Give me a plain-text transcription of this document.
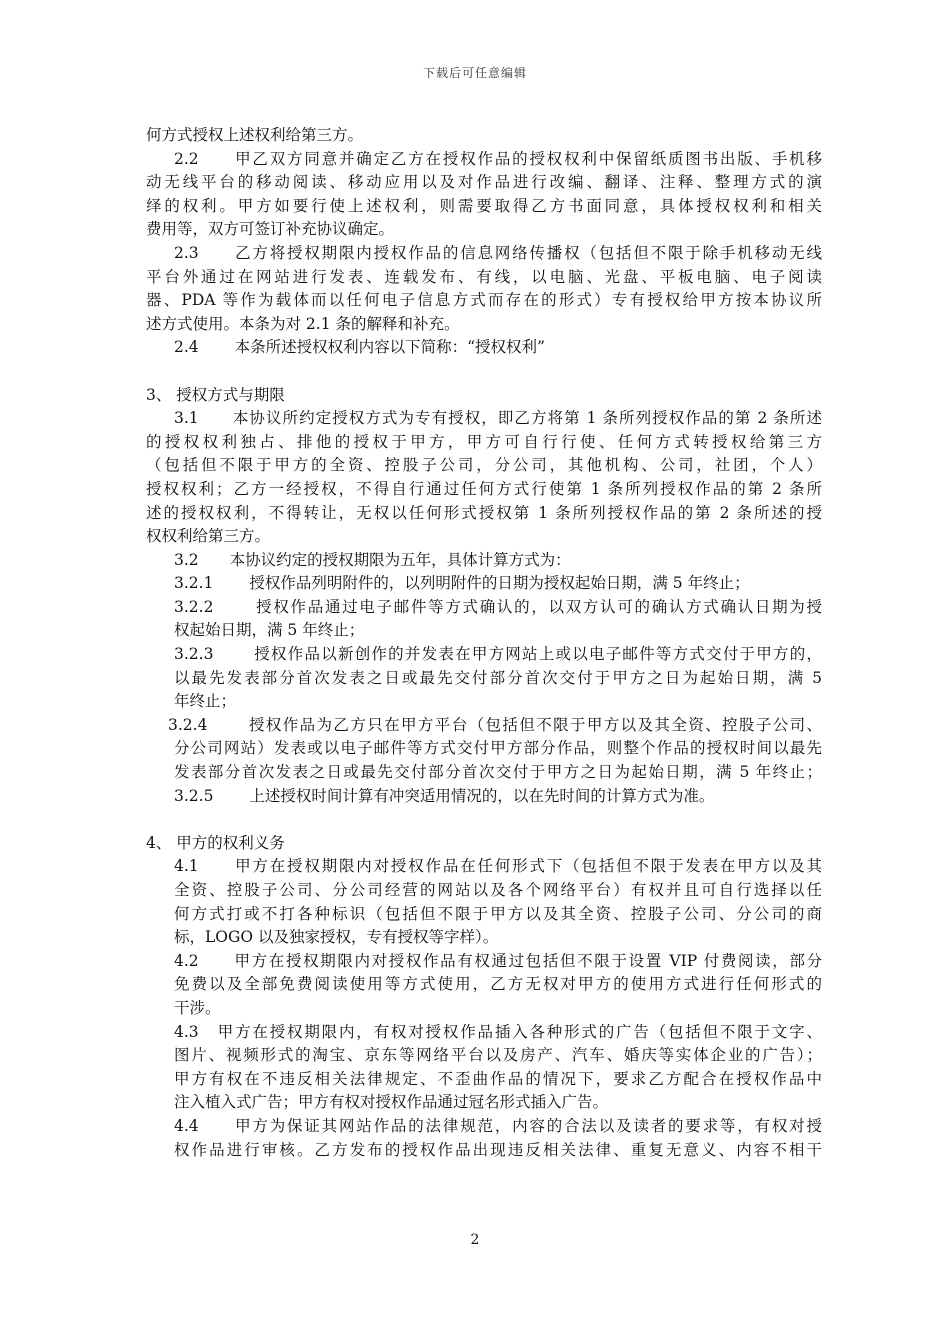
下载后可任意编辑
何方式授权上述权利给第三方。
2.2　　甲乙双方同意并确定乙方在授权作品的授权权利中保留纸质图书出版、手机移
动无线平台的移动阅读、移动应用以及对作品进行改编、翻译、注释、整理方式的演
绎的权利。甲方如要行使上述权利，则需要取得乙方书面同意，具体授权权利和相关
费用等，双方可签订补充协议确定。
2.3　　乙方将授权期限内授权作品的信息网络传播权（包括但不限于除手机移动无线
平台外通过在网站进行发表、连载发布、有线，以电脑、光盘、平板电脑、电子阅读
器、PDA 等作为载体而以任何电子信息方式而存在的形式）专有授权给甲方按本协议所
述方式使用。本条为对 2.1 条的解释和补充。
2.4　　 本条所述授权权利内容以下简称：“授权权利”
3、 授权方式与期限
3.1　　本协议所约定授权方式为专有授权，即乙方将第 1 条所列授权作品的第 2 条所述
的授权权利独占、排他的授权于甲方，甲方可自行行使、任何方式转授权给第三方
（包括但不限于甲方的全资、控股子公司，分公司，其他机构、公司，社团，个人）
授权权利；乙方一经授权，不得自行通过任何方式行使第 1 条所列授权作品的第 2 条所
述的授权权利，不得转让，无权以任何形式授权第 1 条所列授权作品的第 2 条所述的授
权权利给第三方。
3.2　　本协议约定的授权期限为五年，具体计算方式为：
3.2.1　　 授权作品列明附件的，以列明附件的日期为授权起始日期，满 5 年终止；
3.2.2　　 授权作品通过电子邮件等方式确认的，以双方认可的确认方式确认日期为授
权起始日期，满 5 年终止；
3.2.3　　 授权作品以新创作的并发表在甲方网站上或以电子邮件等方式交付于甲方的，
以最先发表部分首次发表之日或最先交付部分首次交付于甲方之日为起始日期，满 5
年终止；
3.2.4　　 授权作品为乙方只在甲方平台（包括但不限于甲方以及其全资、控股子公司、
分公司网站）发表或以电子邮件等方式交付甲方部分作品，则整个作品的授权时间以最先
发表部分首次发表之日或最先交付部分首次交付于甲方之日为起始日期，满 5 年终止；
3.2.5　　 上述授权时间计算有冲突适用情况的，以在先时间的计算方式为准。
4、 甲方的权利义务
4.1　　甲方在授权期限内对授权作品在任何形式下（包括但不限于发表在甲方以及其
全资、控股子公司、分公司经营的网站以及各个网络平台）有权并且可自行选择以任
何方式打或不打各种标识（包括但不限于甲方以及其全资、控股子公司、分公司的商
标，LOGO 以及独家授权，专有授权等字样）。
4.2　　甲方在授权期限内对授权作品有权通过包括但不限于设置 VIP 付费阅读，部分
免费以及全部免费阅读使用等方式使用，乙方无权对甲方的使用方式进行任何形式的
干涉。
4.3　甲方在授权期限内，有权对授权作品插入各种形式的广告（包括但不限于文字、
图片、视频形式的淘宝、京东等网络平台以及房产、汽车、婚庆等实体企业的广告）；
甲方有权在不违反相关法律规定、不歪曲作品的情况下，要求乙方配合在授权作品中
注入植入式广告；甲方有权对授权作品通过冠名形式插入广告。
4.4　　甲方为保证其网站作品的法律规范，内容的合法以及读者的要求等，有权对授
权作品进行审核。乙方发布的授权作品出现违反相关法律、重复无意义、内容不相干
2
